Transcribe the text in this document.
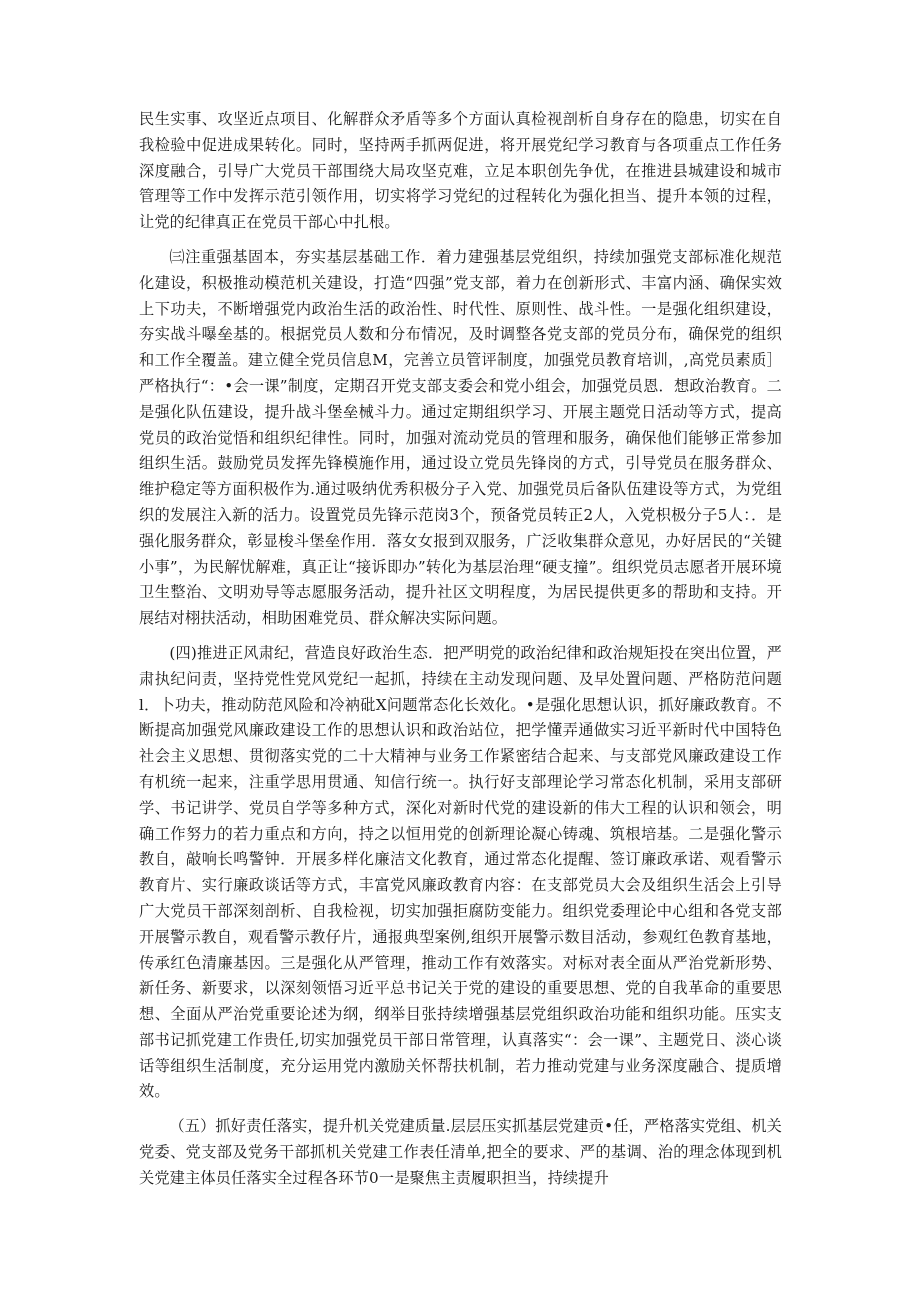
民生实事、攻坚近点项目、化解群众矛盾等多个方面认真检视剖析自身存在的隐患，切实在自我检验中促进成果转化。同时，坚持两手抓两促进，将开展党纪学习教育与各项重点工作任务深度融合，引导广大党员干部围绕大局攻坚克难，立足本职创先争优，在推进县城建设和城市管理等工作中发挥示范引领作用，切实将学习党纪的过程转化为强化担当、提升本领的过程，让党的纪律真正在党员干部心中扎根。

㈢注重强基固本，夯实基层基础工作．着力建强基层党组织，持续加强党支部标准化规范化建设，积极推动模范机关建设，打造“四强”党支部，着力在创新形式、丰富内涵、确保实效上下功夫，不断增强党内政治生活的政治性、时代性、原则性、战斗性。一是强化组织建设，夯实战斗嚗垒基的。根据党员人数和分布情况，及时调整各党支部的党员分布，确保党的组织和工作全覆盖。建立健全党员信息M，完善立员管评制度，加强党员教育培训，,高党员素质］严格执行“：•会一课”制度，定期召开党支部支委会和党小组会，加强党员恩．想政治教育。二是强化队伍建设，提升战斗堡垒械斗力。通过定期组织学习、开展主题党日活动等方式，提高党员的政治觉悟和组织纪律性。同时，加强对流动党员的管理和服务，确保他们能够正常参加组织生活。鼓励党员发挥先锋模施作用，通过设立党员先锋岗的方式，引导党员在服务群众、维护稳定等方面积极作为.通过吸纳优秀积极分子入党、加强党员后备队伍建设等方式，为党组织的发展注入新的活力。设置党员先锋示范岗3个，预备党员转正2人，入党枳极分子5人：．是强化服务群众，彰显梭斗堡垒作用．落女女报到双服务，广泛收集群众意见，办好居民的“关键小事”，为民解忧解难，真正让“接诉即办”转化为基层治理“硬支撞”。组织党员志愿者开展环境卫生整治、文明劝导等志愿服务活动，提升社区文明程度，为居民提供更多的帮助和支持。开展结对栩扶活动，相助困难党员、群众解决实际问题。

(四)推进正风肃纪，营造良好政治生态．把严明党的政治纪律和政治规矩投在突出位置，严肃执纪问责，坚持党性党风党纪一起抓，持续在主动发现问题、及早处置问题、严格防范问题l．卜功夫，推动防范风险和冷衲砒X问题常态化长效化。•是强化思想认识，抓好廉政教育。不断提高加强党风廉政建设工作的思想认识和政治站位，把学懂弄通做实习近平新时代中国特色社会主义思想、贯彻落实党的二十大精神与业务工作紧密结合起来、与支部党风廉政建设工作有机统一起来，注重学思用贯通、知信行统一。执行好支部理论学习常态化机制，采用支部研学、书记讲学、党员自学等多种方式，深化对新时代党的建设新的伟大工程的认识和领会，明确工作努力的若力重点和方向，持之以恒用党的创新理论凝心铸魂、筑根培基。二是强化警示教自，敲响长鸣警钟．开展多样化廉洁文化教育，通过常态化提醒、签订廉政承诺、观看警示教育片、实行廉政谈话等方式，丰富党风廉政教育内容：在支部党员大会及组织生活会上引导广大党员干部深刻剖析、自我检视，切实加强拒腐防变能力。组织党委理论中心组和各党支部开展警示教自，观看警示教仔片，通报典型案例,组织开展警示数目活动，参观红色教育基地，传承红色清廉基因。三是强化从严管理，推动工作有效落实。对标对表全面从严治党新形势、新任务、新要求，以深刻领悟习近平总书记关于党的建设的重要思想、党的自我革命的重要思想、全面从严治党重要论述为纲，纲举目张持续增强基层党组织政治功能和组织功能。压实支部书记抓党建工作贵任,切实加强党员干部日常管理，认真落实“：会一课”、主题党日、淡心谈话等组织生活制度，充分运用党内激励关怀帮扶机制，若力推动党建与业务深度融合、提质增效。

（五）抓好责任落实，提升机关党建质量.层层压实抓基层党建贡•任，严格落实党组、机关党委、党支部及党务干部抓机关党建工作表任清单,把全的要求、严的基调、治的理念体现到机关党建主体员任落实全过程各环节0一是聚焦主责履职担当，持续提升
